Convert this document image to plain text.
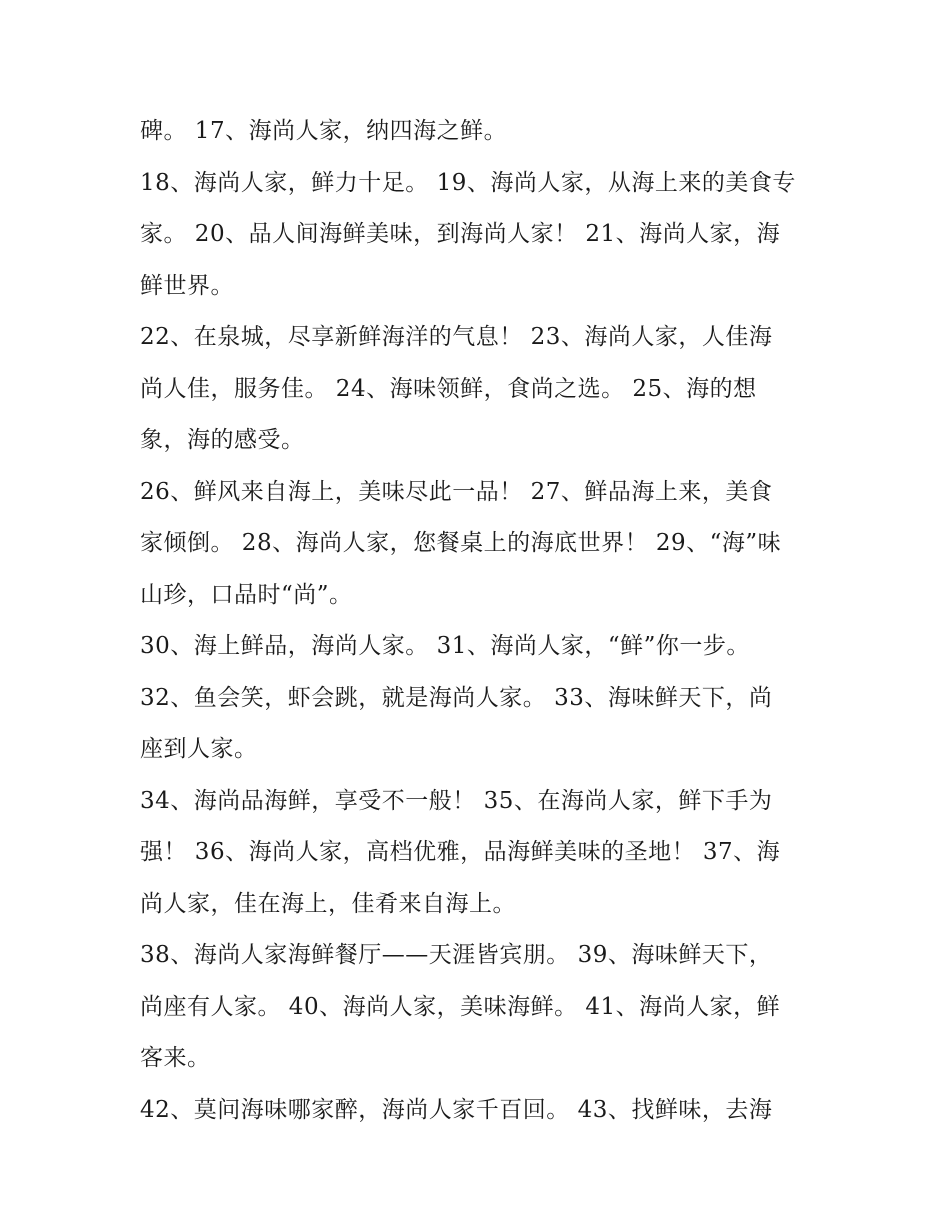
碑。 17、海尚人家，纳四海之鲜。
18、海尚人家，鲜力十足。 19、海尚人家，从海上来的美食专
家。 20、品人间海鲜美味，到海尚人家！ 21、海尚人家，海
鲜世界。
22、在泉城，尽享新鲜海洋的气息！ 23、海尚人家，人佳海
尚人佳，服务佳。 24、海味领鲜，食尚之选。 25、海的想
象，海的感受。
26、鲜风来自海上，美味尽此一品！ 27、鲜品海上来，美食
家倾倒。 28、海尚人家，您餐桌上的海底世界！ 29、“海”味
山珍，口品时“尚”。
30、海上鲜品，海尚人家。 31、海尚人家，“鲜”你一步。
32、鱼会笑，虾会跳，就是海尚人家。 33、海味鲜天下，尚
座到人家。
34、海尚品海鲜，享受不一般！ 35、在海尚人家，鲜下手为
强！ 36、海尚人家，高档优雅，品海鲜美味的圣地！ 37、海
尚人家，佳在海上，佳肴来自海上。
38、海尚人家海鲜餐厅——天涯皆宾朋。 39、海味鲜天下，
尚座有人家。 40、海尚人家，美味海鲜。 41、海尚人家，鲜
客来。
42、莫问海味哪家醉，海尚人家千百回。 43、找鲜味，去海
